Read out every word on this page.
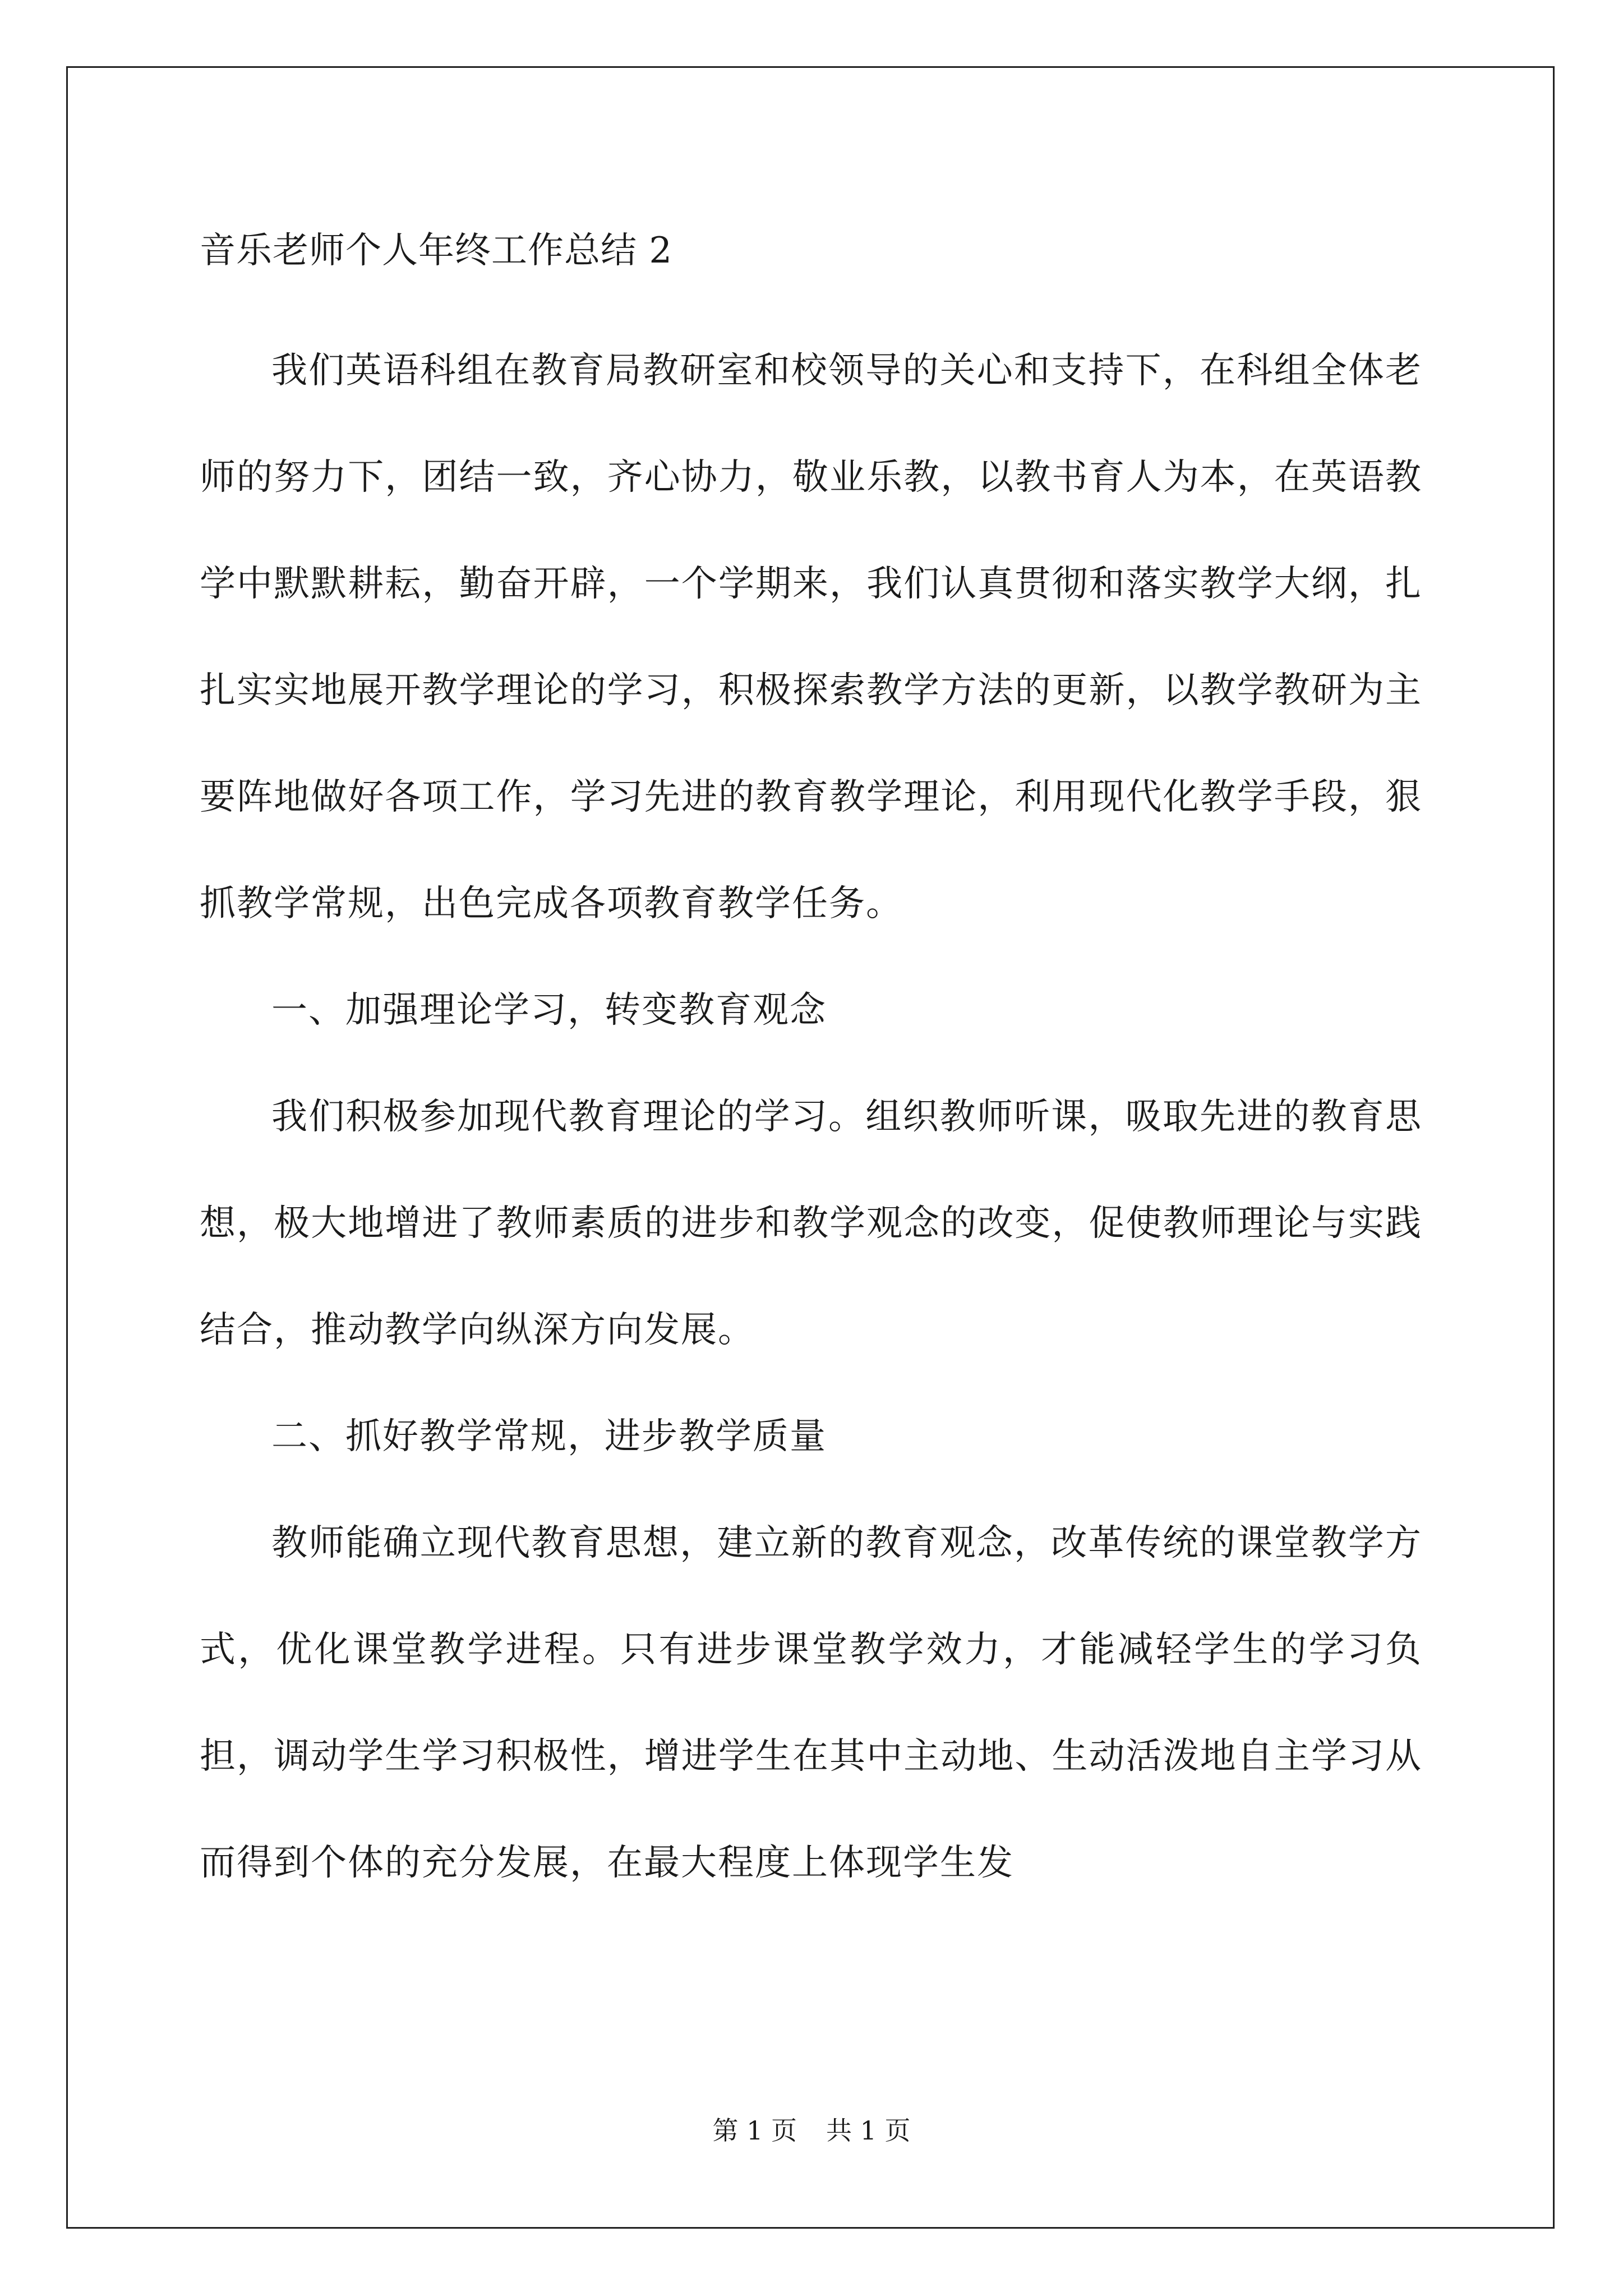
音乐老师个人年终工作总结 2

我们英语科组在教育局教研室和校领导的关心和支持下，在科组全体老师的努力下，团结一致，齐心协力，敬业乐教，以教书育人为本，在英语教学中默默耕耘，勤奋开辟，一个学期来，我们认真贯彻和落实教学大纲，扎扎实实地展开教学理论的学习，积极探索教学方法的更新，以教学教研为主要阵地做好各项工作，学习先进的教育教学理论，利用现代化教学手段，狠抓教学常规，出色完成各项教育教学任务。

一、加强理论学习，转变教育观念

我们积极参加现代教育理论的学习。组织教师听课，吸取先进的教育思想，极大地增进了教师素质的进步和教学观念的改变，促使教师理论与实践结合，推动教学向纵深方向发展。

二、抓好教学常规，进步教学质量

教师能确立现代教育思想，建立新的教育观念，改革传统的课堂教学方式，优化课堂教学进程。只有进步课堂教学效力，才能减轻学生的学习负担，调动学生学习积极性，增进学生在其中主动地、生动活泼地自主学习从而得到个体的充分发展，在最大程度上体现学生发

第 1 页 共 1 页
